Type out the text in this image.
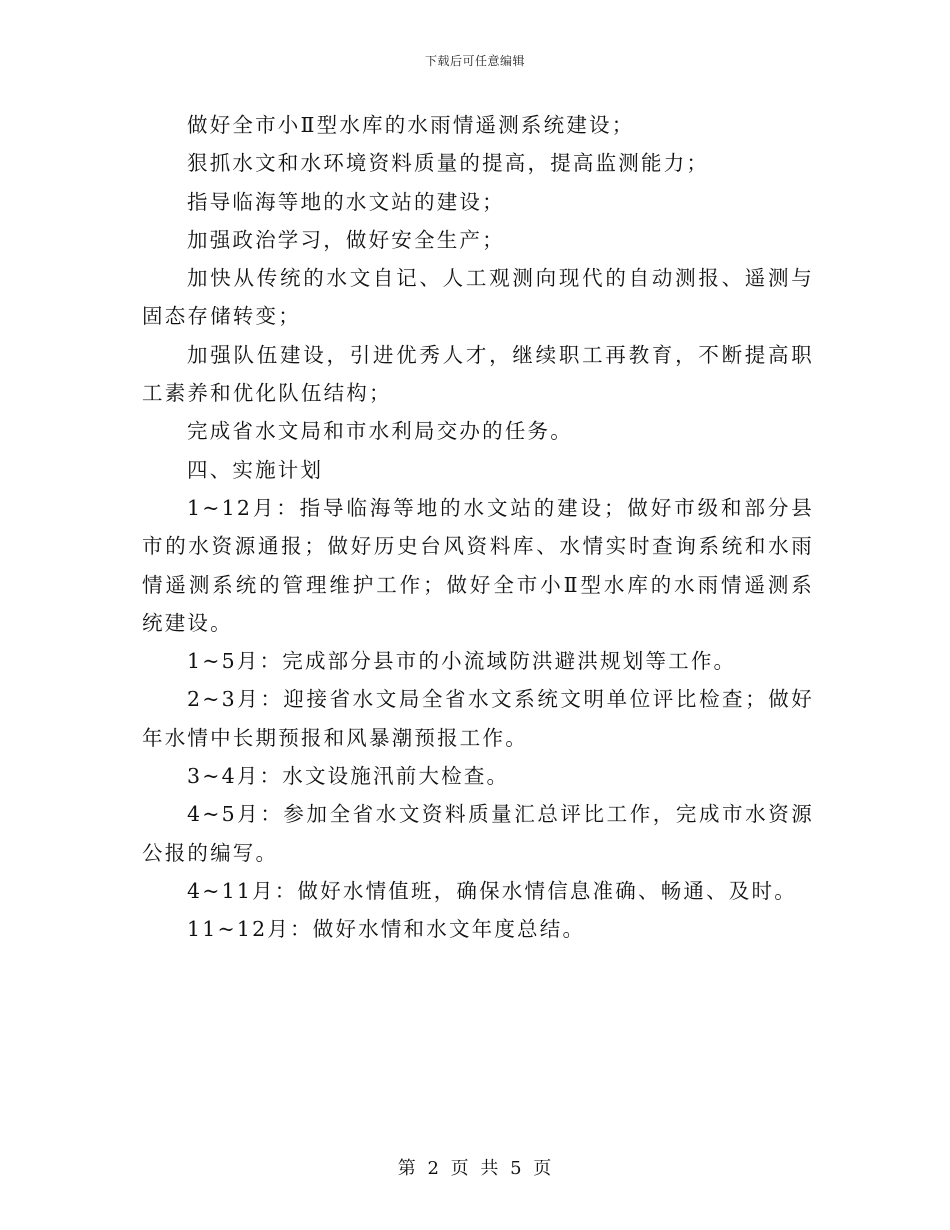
下载后可任意编辑

做好全市小Ⅱ型水库的水雨情遥测系统建设；

狠抓水文和水环境资料质量的提高，提高监测能力；

指导临海等地的水文站的建设；

加强政治学习，做好安全生产；

加快从传统的水文自记、人工观测向现代的自动测报、遥测与固态存储转变；

加强队伍建设，引进优秀人才，继续职工再教育，不断提高职工素养和优化队伍结构；

完成省水文局和市水利局交办的任务。

四、实施计划

1~12月：指导临海等地的水文站的建设；做好市级和部分县市的水资源通报；做好历史台风资料库、水情实时查询系统和水雨情遥测系统的管理维护工作；做好全市小Ⅱ型水库的水雨情遥测系统建设。

1~5月：完成部分县市的小流域防洪避洪规划等工作。

2~3月：迎接省水文局全省水文系统文明单位评比检查；做好年水情中长期预报和风暴潮预报工作。

3~4月：水文设施汛前大检查。

4~5月：参加全省水文资料质量汇总评比工作，完成市水资源公报的编写。

4~11月：做好水情值班，确保水情信息准确、畅通、及时。

11~12月：做好水情和水文年度总结。

第 2 页 共 5 页
